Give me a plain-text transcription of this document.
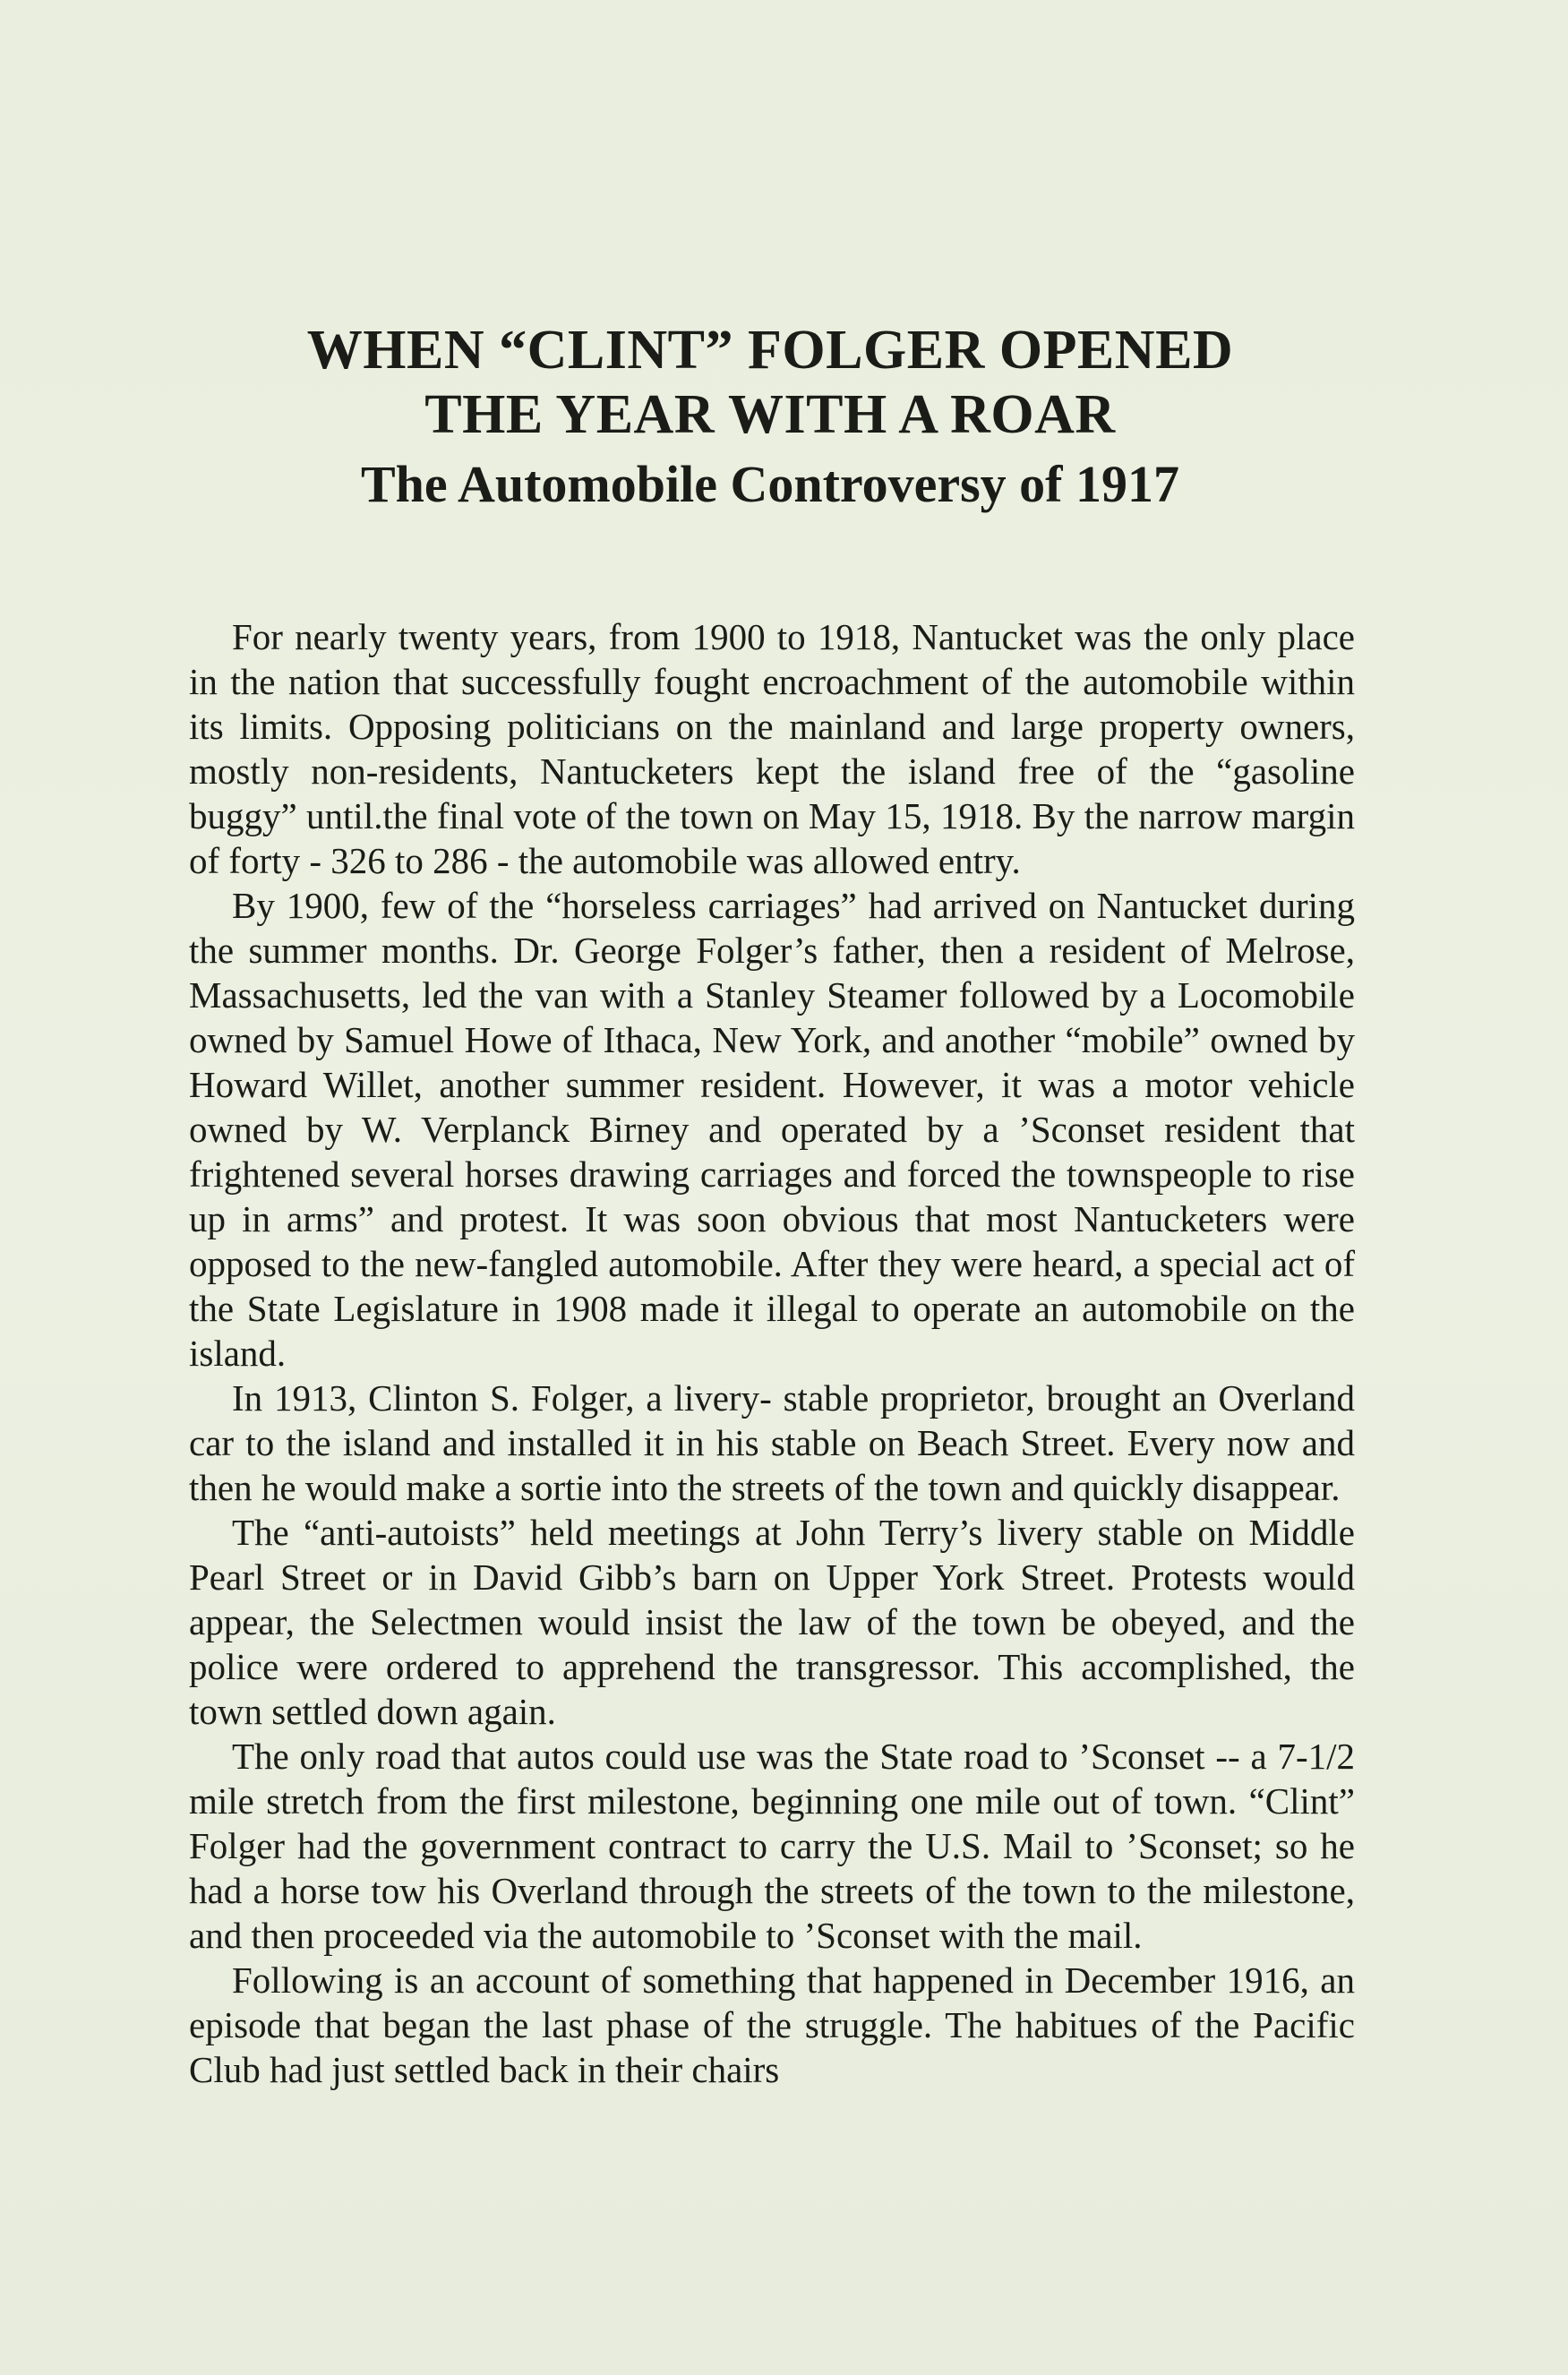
WHEN “CLINT” FOLGER OPENED
THE YEAR WITH A ROAR
The Automobile Controversy of 1917

For nearly twenty years, from 1900 to 1918, Nantucket was the only place in the nation that successfully fought encroachment of the automobile within its limits. Opposing politicians on the mainland and large property owners, mostly non-residents, Nantucketers kept the island free of the “gasoline buggy” until.the final vote of the town on May 15, 1918. By the narrow margin of forty - 326 to 286 - the automobile was allowed entry.

By 1900, few of the “horseless carriages” had arrived on Nantucket during the summer months. Dr. George Folger’s father, then a resident of Melrose, Massachusetts, led the van with a Stanley Steamer followed by a Locomobile owned by Samuel Howe of Ithaca, New York, and another “mobile” owned by Howard Willet, another summer resident. However, it was a motor vehicle owned by W. Verplanck Birney and operated by a ’Sconset resident that frightened several horses drawing carriages and forced the townspeople to rise up in arms” and protest. It was soon obvious that most Nantucketers were opposed to the new-fangled automobile. After they were heard, a special act of the State Legislature in 1908 made it illegal to operate an automobile on the island.

In 1913, Clinton S. Folger, a livery- stable proprietor, brought an Overland car to the island and installed it in his stable on Beach Street. Every now and then he would make a sortie into the streets of the town and quickly disappear.

The “anti-autoists” held meetings at John Terry’s livery stable on Middle Pearl Street or in David Gibb’s barn on Upper York Street. Protests would appear, the Selectmen would insist the law of the town be obeyed, and the police were ordered to apprehend the transgressor. This accomplished, the town settled down again.

The only road that autos could use was the State road to ’Sconset -- a 7-1/2 mile stretch from the first milestone, beginning one mile out of town. “Clint” Folger had the government contract to carry the U.S. Mail to ’Sconset; so he had a horse tow his Overland through the streets of the town to the milestone, and then proceeded via the automobile to ’Sconset with the mail.

Following is an account of something that happened in December 1916, an episode that began the last phase of the struggle. The habitues of the Pacific Club had just settled back in their chairs
